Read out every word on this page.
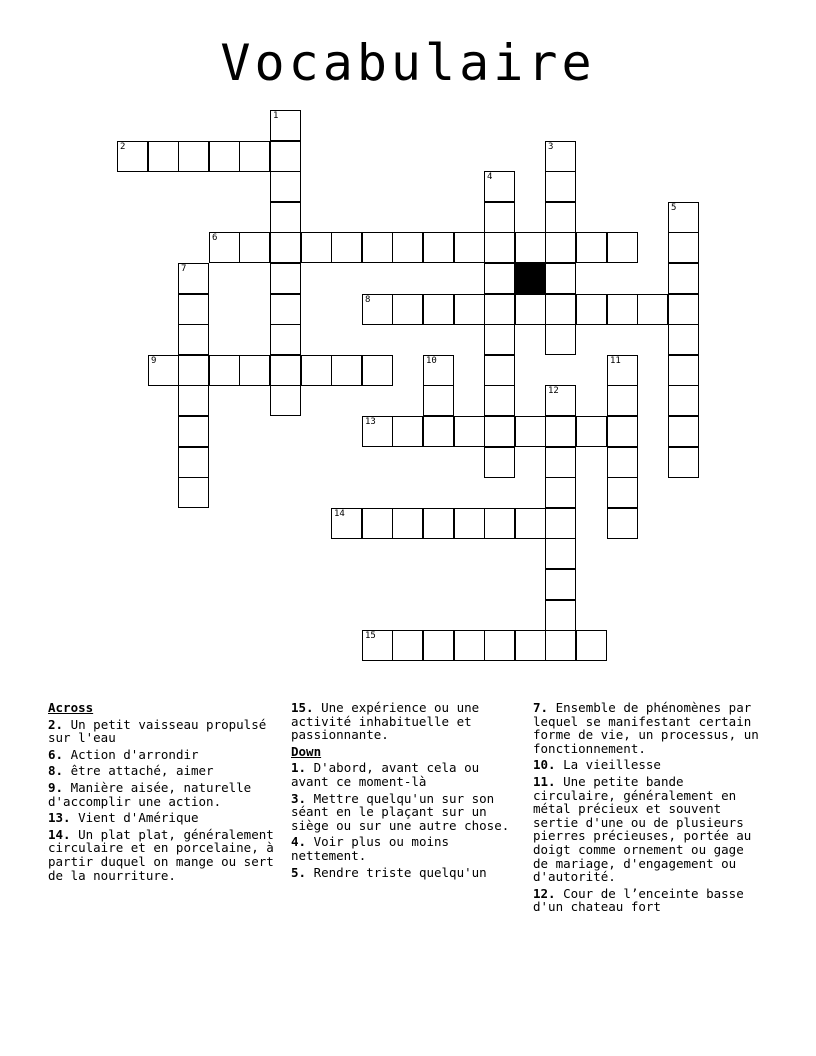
Vocabulaire
1
2	3
4
5
6
7
8
9	10	11
12
13
14
15
Across
2. Un petit vaisseau propulsé sur l'eau
6. Action d'arrondir
8. être attaché, aimer
9. Manière aisée, naturelle d'accomplir une action.
13. Vient d'Amérique
14. Un plat plat, généralement circulaire et en porcelaine, à partir duquel on mange ou sert de la nourriture.
15. Une expérience ou une activité inhabituelle et passionnante.
Down
1. D'abord, avant cela ou avant ce moment-là
3. Mettre quelqu'un sur son séant en le plaçant sur un siège ou sur une autre chose.
4. Voir plus ou moins nettement.
5. Rendre triste quelqu'un
7. Ensemble de phénomènes par lequel se manifestant certain forme de vie, un processus, un fonctionnement.
10. La vieillesse
11. Une petite bande circulaire, généralement en métal précieux et souvent sertie d'une ou de plusieurs pierres précieuses, portée au doigt comme ornement ou gage de mariage, d'engagement ou d'autorité.
12. Cour de l’enceinte basse d'un chateau fort
